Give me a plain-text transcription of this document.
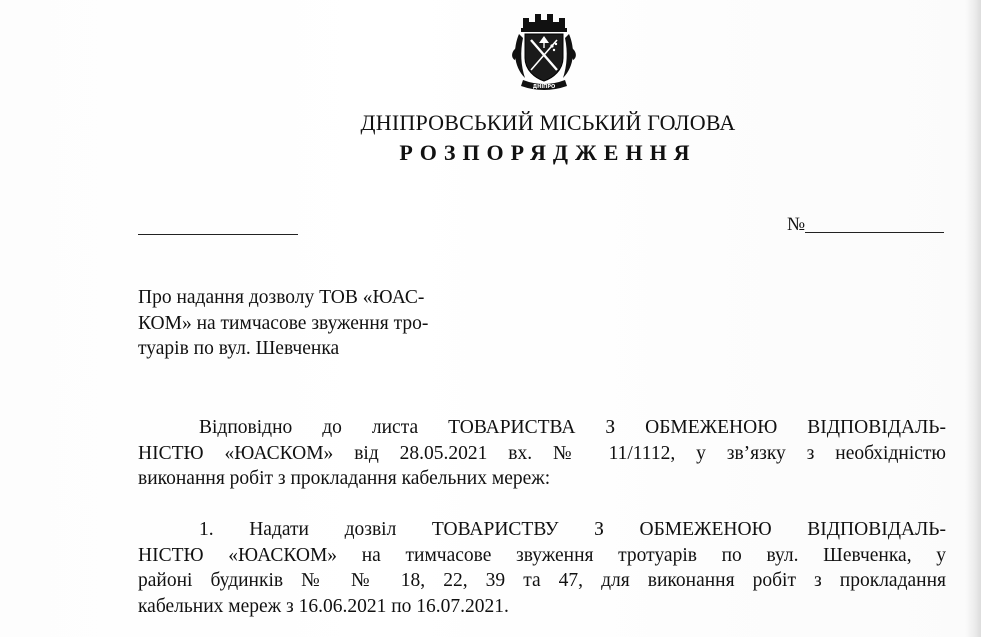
ДНІПРО
ДНІПРОВСЬКИЙ МІСЬКИЙ ГОЛОВА
РОЗПОРЯДЖЕННЯ
№
Про надання дозволу ТОВ «ЮАС-
КОМ» на тимчасове звуження тро-
туарів по вул. Шевченка
Відповідно до листа ТОВАРИСТВА З ОБМЕЖЕНОЮ ВІДПОВІДАЛЬ-
НІСТЮ «ЮАСКОМ» від 28.05.2021 вх. № 11/1112, у зв’язку з необхідністю
виконання робіт з прокладання кабельних мереж:
1. Надати дозвіл ТОВАРИСТВУ З ОБМЕЖЕНОЮ ВІДПОВІДАЛЬ-
НІСТЮ «ЮАСКОМ» на тимчасове звуження тротуарів по вул. Шевченка, у
районі будинків № № 18, 22, 39 та 47, для виконання робіт з прокладання
кабельних мереж з 16.06.2021 по 16.07.2021.
